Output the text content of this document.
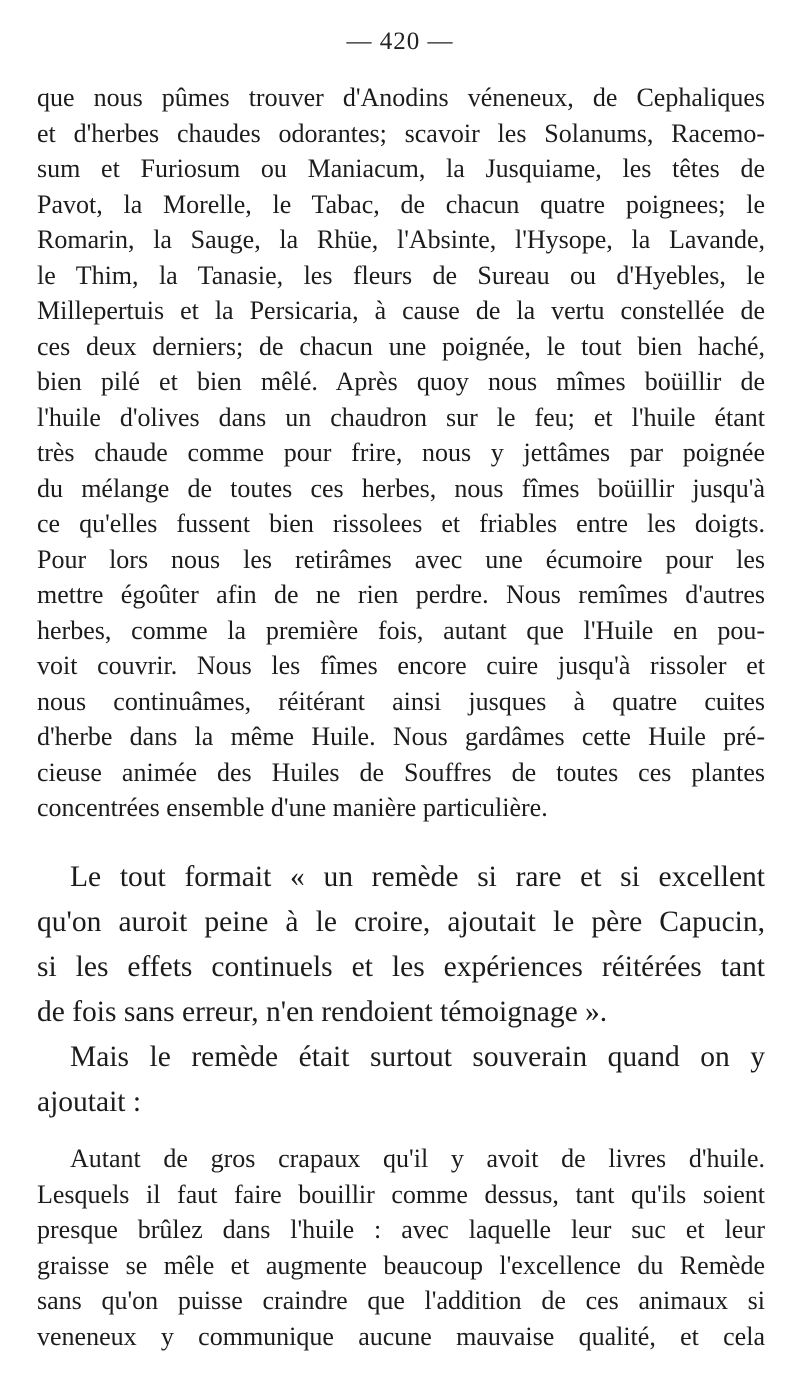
— 420 —
que nous pûmes trouver d'Anodins véneneux, de Cephaliques
et d'herbes chaudes odorantes; scavoir les Solanums, Racemo-
sum et Furiosum ou Maniacum, la Jusquiame, les têtes de
Pavot, la Morelle, le Tabac, de chacun quatre poignees; le
Romarin, la Sauge, la Rhüe, l'Absinte, l'Hysope, la Lavande,
le Thim, la Tanasie, les fleurs de Sureau ou d'Hyebles, le
Millepertuis et la Persicaria, à cause de la vertu constellée de
ces deux derniers; de chacun une poignée, le tout bien haché,
bien pilé et bien mêlé. Après quoy nous mîmes boüillir de
l'huile d'olives dans un chaudron sur le feu; et l'huile étant
très chaude comme pour frire, nous y jettâmes par poignée
du mélange de toutes ces herbes, nous fîmes boüillir jusqu'à
ce qu'elles fussent bien rissolees et friables entre les doigts.
Pour lors nous les retirâmes avec une écumoire pour les
mettre égoûter afin de ne rien perdre. Nous remîmes d'autres
herbes, comme la première fois, autant que l'Huile en pou-
voit couvrir. Nous les fîmes encore cuire jusqu'à rissoler et
nous continuâmes, réitérant ainsi jusques à quatre cuites
d'herbe dans la même Huile. Nous gardâmes cette Huile pré-
cieuse animée des Huiles de Souffres de toutes ces plantes
concentrées ensemble d'une manière particulière.
Le tout formait « un remède si rare et si excellent
qu'on auroit peine à le croire, ajoutait le père Capucin,
si les effets continuels et les expériences réitérées tant
de fois sans erreur, n'en rendoient témoignage ».
Mais le remède était surtout souverain quand on y
ajoutait :
Autant de gros crapaux qu'il y avoit de livres d'huile.
Lesquels il faut faire bouillir comme dessus, tant qu'ils soient
presque brûlez dans l'huile : avec laquelle leur suc et leur
graisse se mêle et augmente beaucoup l'excellence du Remède
sans qu'on puisse craindre que l'addition de ces animaux si
veneneux y communique aucune mauvaise qualité, et cela
